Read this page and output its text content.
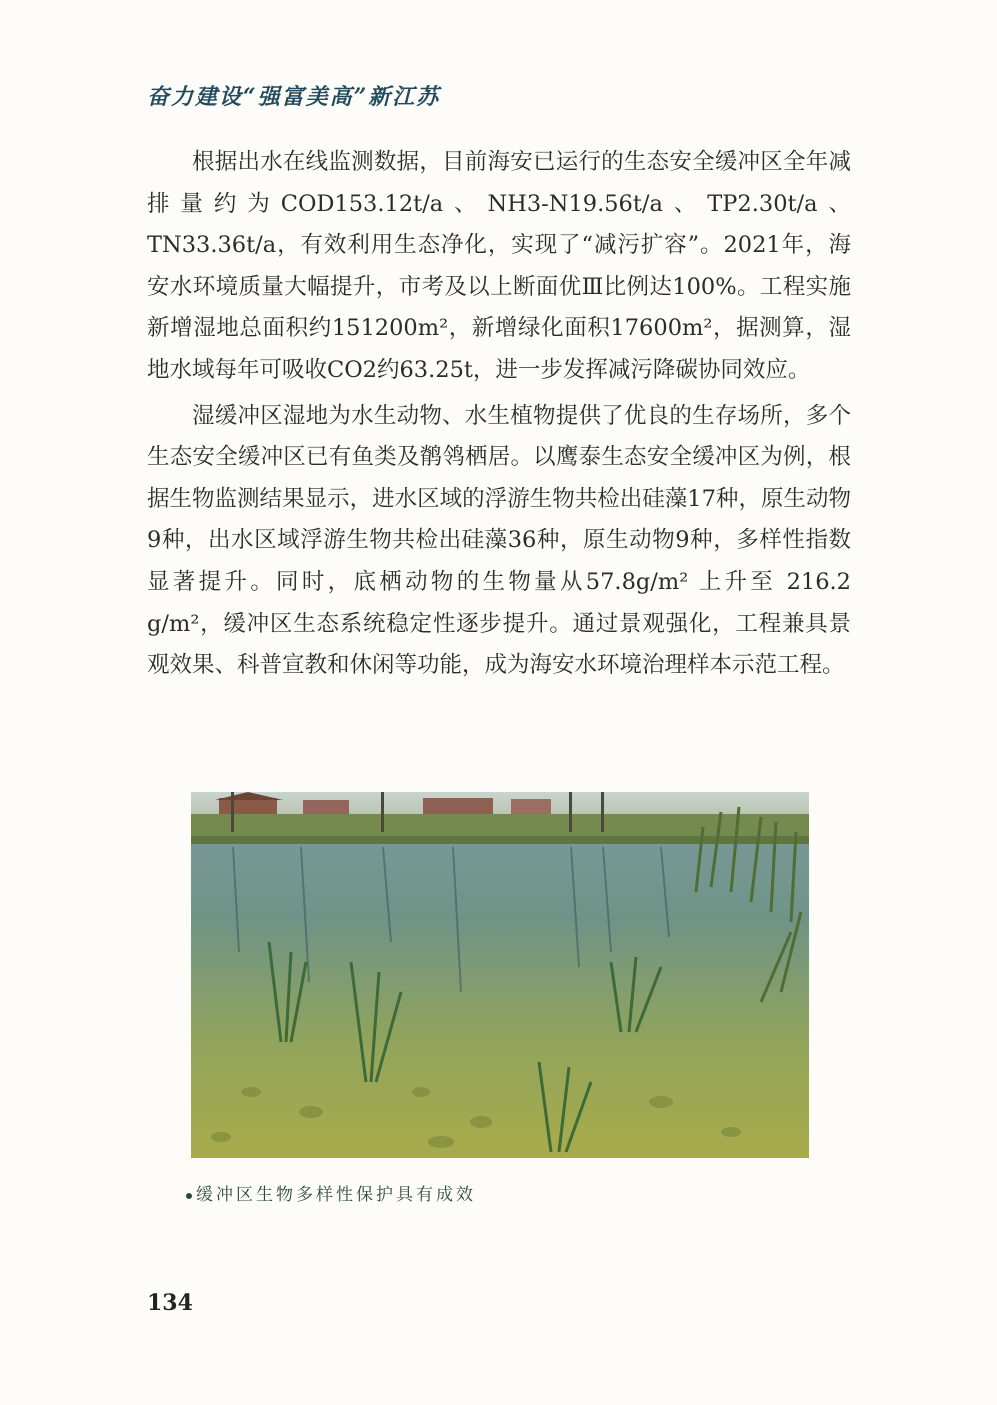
奋力建设“强富美高”新江苏

根据出水在线监测数据，目前海安已运行的生态安全缓冲区全年减排量约为COD153.12t/a、NH3-N19.56t/a、TP2.30t/a、TN33.36t/a，有效利用生态净化，实现了“减污扩容”。2021年，海安水环境质量大幅提升，市考及以上断面优Ⅲ比例达100%。工程实施新增湿地总面积约151200m²，新增绿化面积17600m²，据测算，湿地水域每年可吸收CO2约63.25t，进一步发挥减污降碳协同效应。

湿缓冲区湿地为水生动物、水生植物提供了优良的生存场所，多个生态安全缓冲区已有鱼类及鹡鸰栖居。以鹰泰生态安全缓冲区为例，根据生物监测结果显示，进水区域的浮游生物共检出硅藻17种，原生动物9种，出水区域浮游生物共检出硅藻36种，原生动物9种，多样性指数显著提升。同时，底栖动物的生物量从57.8g/m² 上升至 216.2 g/m²，缓冲区生态系统稳定性逐步提升。通过景观强化，工程兼具景观效果、科普宣教和休闲等功能，成为海安水环境治理样本示范工程。

缓冲区生物多样性保护具有成效
134
